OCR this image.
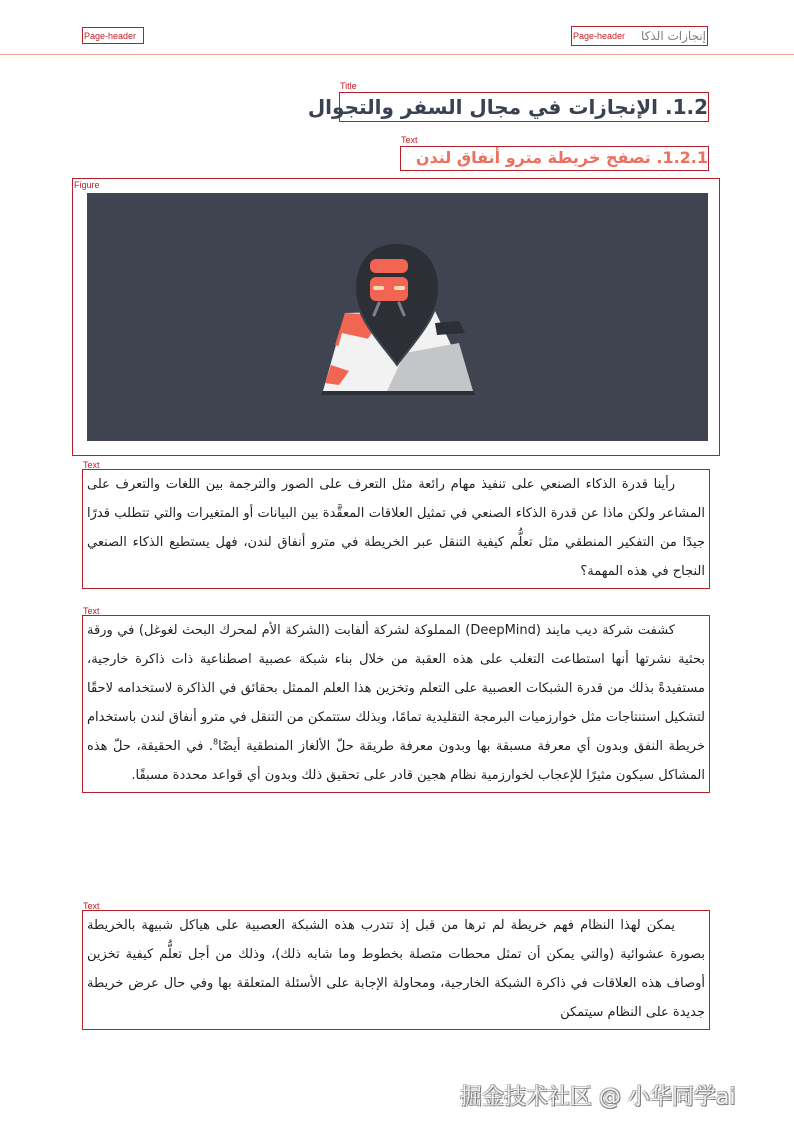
Page-header	Page-header	إنجازات الذكا
Title
1.2. الإنجازات في مجال السفر والتجوال
Text
1.2.1. تصفح خريطة مترو أنفاق لندن
Figure
Text

رأينا قدرة الذكاء الصنعي على تنفيذ مهام رائعة مثل التعرف على الصور والترجمة بين اللغات والتعرف على المشاعر ولكن ماذا عن قدرة الذكاء الصنعي في تمثيل العلاقات المعقَّدة بين البيانات أو المتغيرات والتي تتطلب قدرًا جيدًا من التفكير المنطقي مثل تعلُّم كيفية التنقل عبر الخريطة في مترو أنفاق لندن، فهل يستطيع الذكاء الصنعي النجاح في هذه المهمة؟

Text

كشفت شركة ديب مايند (DeepMind) المملوكة لشركة ألفابت (الشركة الأم لمحرك البحث لغوغل) في ورقة بحثية نشرتها أنها استطاعت التغلب على هذه العقبة من خلال بناء شبكة عصبية اصطناعية ذات ذاكرة خارجية، مستفيدةً بذلك من قدرة الشبكات العصبية على التعلم وتخزين هذا العلم الممثل بحقائق في الذاكرة لاستخدامه لاحقًا لتشكيل استنتاجات مثل خوارزميات البرمجة التقليدية تمامًا، وبذلك ستتمكن من التنقل في مترو أنفاق لندن باستخدام خريطة النفق وبدون أي معرفة مسبقة بها وبدون معرفة طريقة حلّ الألغاز المنطقية أيضًا$^8$. في الحقيقة، حلّ هذه المشاكل سيكون مثيرًا للإعجاب لخوارزمية نظام هجين قادر على تحقيق ذلك وبدون أي قواعد محددة مسبقًا.

Text

يمكن لهذا النظام فهم خريطة لم ترها من قبل إذ تتدرب هذه الشبكة العصبية على هياكل شبيهة بالخريطة بصورة عشوائية (والتي يمكن أن تمثل محطات متصلة بخطوط وما شابه ذلك)، وذلك من أجل تعلُّم كيفية تخزين أوصاف هذه العلاقات في ذاكرة الشبكة الخارجية، ومحاولة الإجابة على الأسئلة المتعلقة بها وفي حال عرض خريطة جديدة على النظام سيتمكن

掘金技术社区 @ 小华同学ai
